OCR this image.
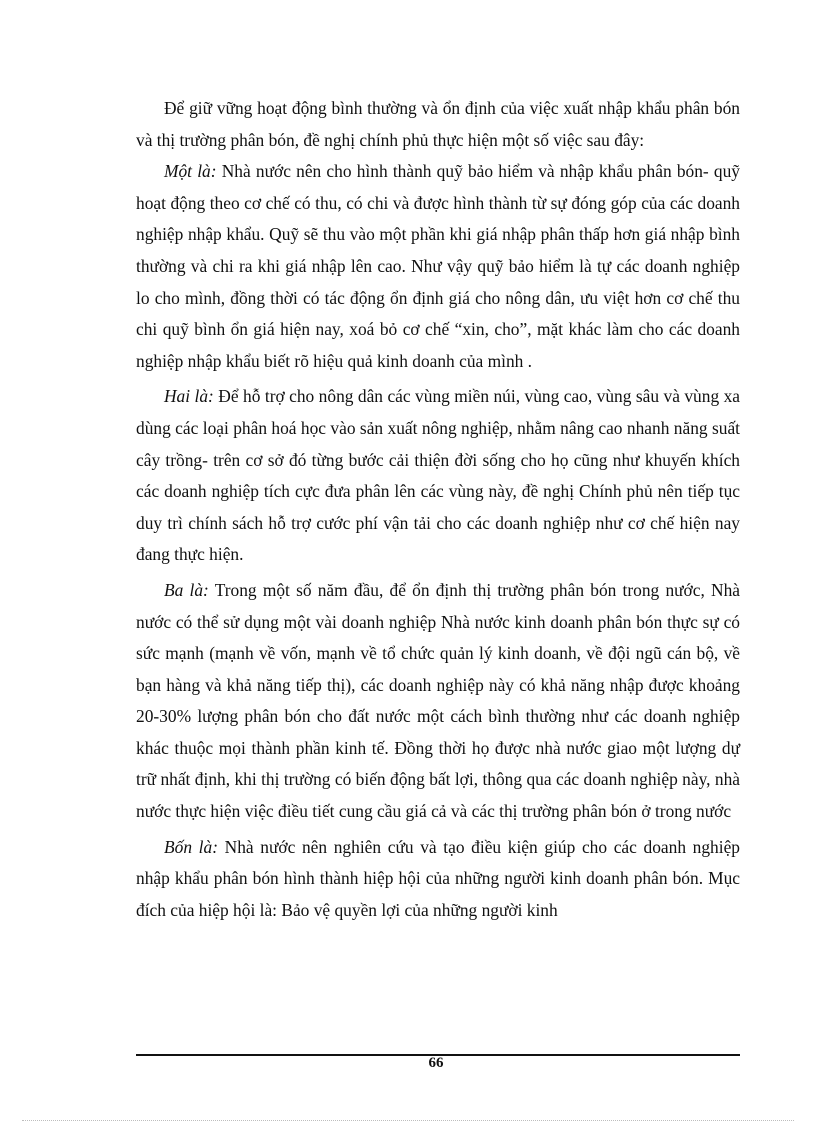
Để giữ vững hoạt động bình thường và ổn định của việc xuất nhập khẩu phân bón và thị trường phân bón, đề nghị chính phủ thực hiện một số việc sau đây:

Một là: Nhà nước nên cho hình thành quỹ bảo hiểm và nhập khẩu phân bón- quỹ hoạt động theo cơ chế có thu, có chi và được hình thành từ sự đóng góp của các doanh nghiệp nhập khẩu. Quỹ sẽ thu vào một phần khi giá nhập phân thấp hơn giá nhập bình thường và chi ra khi giá nhập lên cao. Như vậy quỹ bảo hiểm là tự các doanh nghiệp lo cho mình, đồng thời có tác động ổn định giá cho nông dân, ưu việt hơn cơ chế thu chi quỹ bình ổn giá hiện nay, xoá bỏ cơ chế “xin, cho”, mặt khác làm cho các doanh nghiệp nhập khẩu biết rõ hiệu quả kinh doanh của mình .

Hai là: Để hỗ trợ cho nông dân các vùng miền núi, vùng cao, vùng sâu và vùng xa dùng các loại phân hoá học vào sản xuất nông nghiệp, nhằm nâng cao nhanh năng suất cây trồng- trên cơ sở đó từng bước cải thiện đời sống cho họ cũng như khuyến khích các doanh nghiệp tích cực đưa phân lên các vùng này, đề nghị Chính phủ nên tiếp tục duy trì chính sách hỗ trợ cước phí vận tải cho các doanh nghiệp như cơ chế hiện nay đang thực hiện.

Ba là: Trong một số năm đầu, để ổn định thị trường phân bón trong nước, Nhà nước có thể sử dụng một vài doanh nghiệp Nhà nước kinh doanh phân bón thực sự có sức mạnh (mạnh về vốn, mạnh về tổ chức quản lý kinh doanh, về đội ngũ cán bộ, về bạn hàng và khả năng tiếp thị), các doanh nghiệp này có khả năng nhập được khoảng 20-30% lượng phân bón cho đất nước một cách bình thường như các doanh nghiệp khác thuộc mọi thành phần kinh tế. Đồng thời họ được nhà nước giao một lượng dự trữ nhất định, khi thị trường có biến động bất lợi, thông qua các doanh nghiệp này, nhà nước thực hiện việc điều tiết cung cầu giá cả và các thị trường phân bón ở trong nước

Bốn là: Nhà nước nên nghiên cứu và tạo điều kiện giúp cho các doanh nghiệp nhập khẩu phân bón hình thành hiệp hội của những người kinh doanh phân bón. Mục đích của hiệp hội là: Bảo vệ quyền lợi của những người kinh

66
